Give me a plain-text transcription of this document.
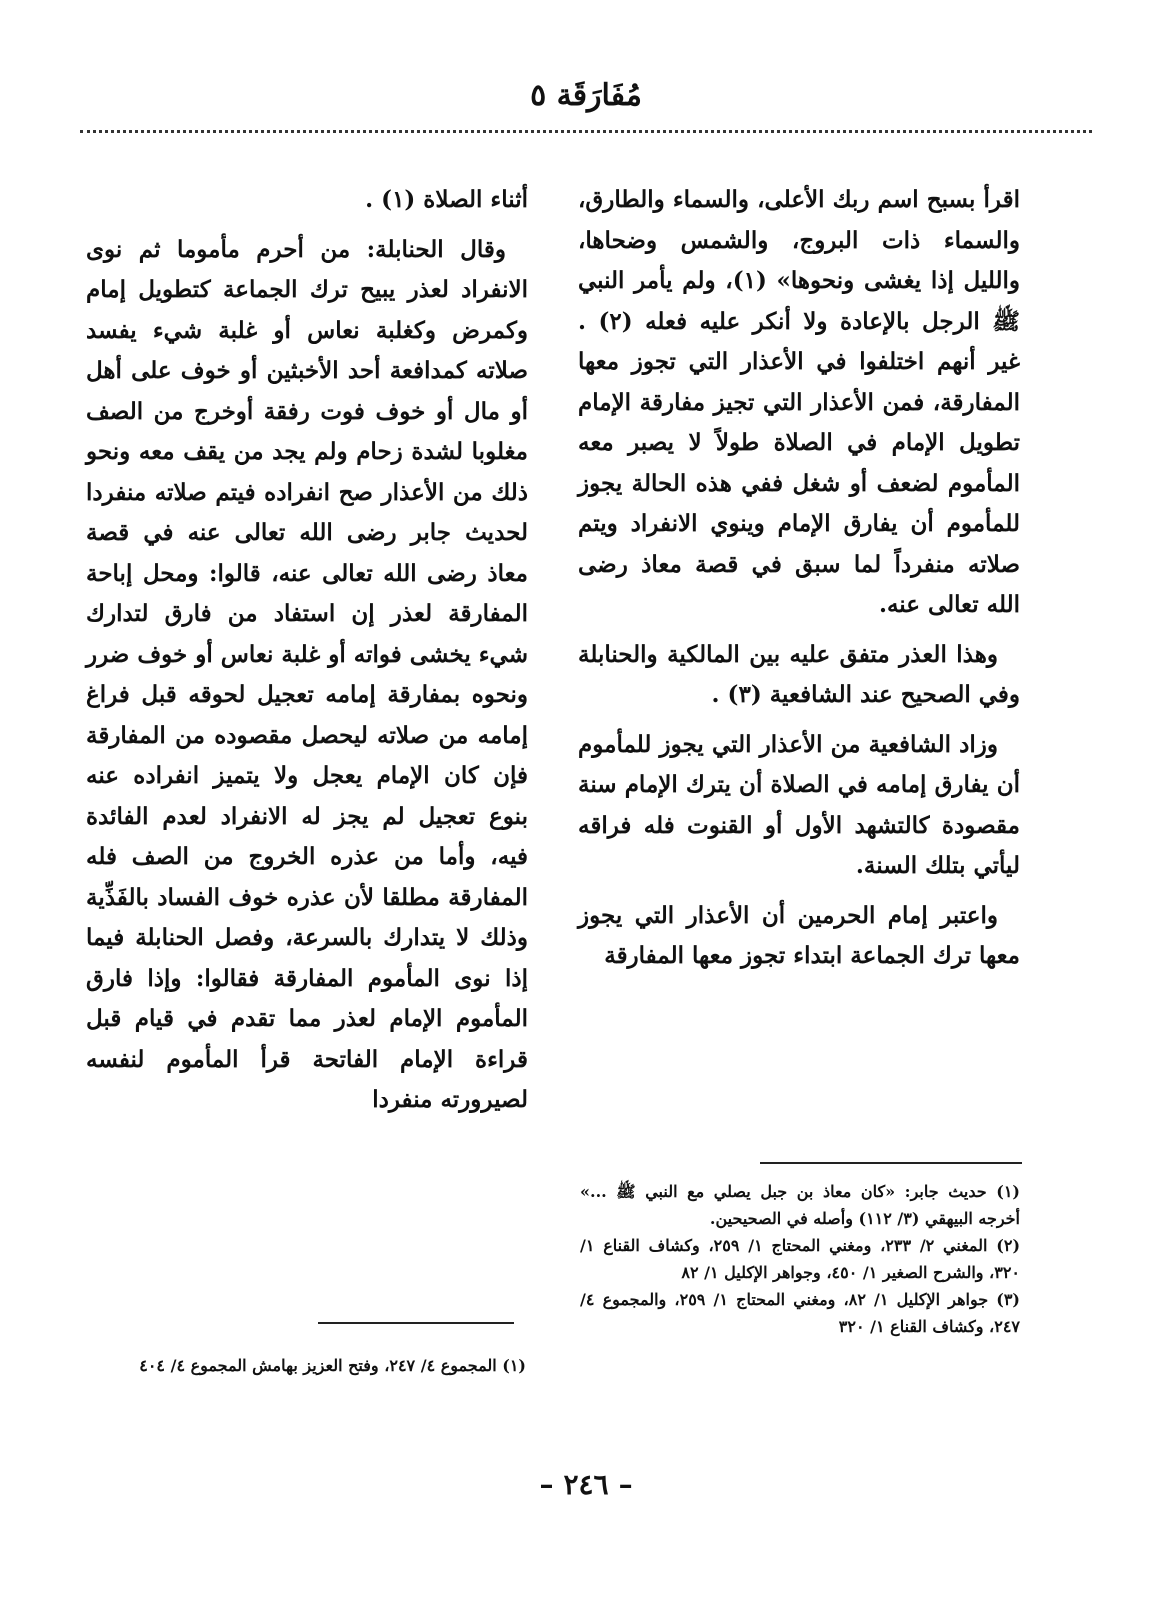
مُفَارَقَة ٥

اقرأ بسبح اسم ربك الأعلى، والسماء والطارق، والسماء ذات البروج، والشمس وضحاها، والليل إذا يغشى ونحوها» (١)، ولم يأمر النبي ﷺ الرجل بالإعادة ولا أنكر عليه فعله (٢) . غير أنهم اختلفوا في الأعذار التي تجوز معها المفارقة، فمن الأعذار التي تجيز مفارقة الإمام تطويل الإمام في الصلاة طولاً لا يصبر معه المأموم لضعف أو شغل ففي هذه الحالة يجوز للمأموم أن يفارق الإمام وينوي الانفراد ويتم صلاته منفرداً لما سبق في قصة معاذ رضى الله تعالى عنه.

وهذا العذر متفق عليه بين المالكية والحنابلة وفي الصحيح عند الشافعية (٣) .

وزاد الشافعية من الأعذار التي يجوز للمأموم أن يفارق إمامه في الصلاة أن يترك الإمام سنة مقصودة كالتشهد الأول أو القنوت فله فراقه ليأتي بتلك السنة.

واعتبر إمام الحرمين أن الأعذار التي يجوز معها ترك الجماعة ابتداء تجوز معها المفارقة

أثناء الصلاة (١) .

وقال الحنابلة: من أحرم مأموما ثم نوى الانفراد لعذر يبيح ترك الجماعة كتطويل إمام وكمرض وكغلبة نعاس أو غلبة شيء يفسد صلاته كمدافعة أحد الأخبثين أو خوف على أهل أو مال أو خوف فوت رفقة أوخرج من الصف مغلوبا لشدة زحام ولم يجد من يقف معه ونحو ذلك من الأعذار صح انفراده فيتم صلاته منفردا لحديث جابر رضى الله تعالى عنه في قصة معاذ رضى الله تعالى عنه، قالوا: ومحل إباحة المفارقة لعذر إن استفاد من فارق لتدارك شيء يخشى فواته أو غلبة نعاس أو خوف ضرر ونحوه بمفارقة إمامه تعجيل لحوقه قبل فراغ إمامه من صلاته ليحصل مقصوده من المفارقة فإن كان الإمام يعجل ولا يتميز انفراده عنه بنوع تعجيل لم يجز له الانفراد لعدم الفائدة فيه، وأما من عذره الخروج من الصف فله المفارقة مطلقا لأن عذره خوف الفساد بالفَذِّية وذلك لا يتدارك بالسرعة، وفصل الحنابلة فيما إذا نوى المأموم المفارقة فقالوا: وإذا فارق المأموم الإمام لعذر مما تقدم في قيام قبل قراءة الإمام الفاتحة قرأ المأموم لنفسه لصيرورته منفردا

(١) حديث جابر: «كان معاذ بن جبل يصلي مع النبي ﷺ ...» أخرجه البيهقي (٣/ ١١٢) وأصله في الصحيحين.

(٢) المغني ٢/ ٢٣٣، ومغني المحتاج ١/ ٢٥٩، وكشاف القناع ١/ ٣٢٠، والشرح الصغير ١/ ٤٥٠، وجواهر الإكليل ١/ ٨٢

(٣) جواهر الإكليل ١/ ٨٢، ومغني المحتاج ١/ ٢٥٩، والمجموع ٤/ ٢٤٧، وكشاف القناع ١/ ٣٢٠

(١) المجموع ٤/ ٢٤٧، وفتح العزيز بهامش المجموع ٤/ ٤٠٤

– ٢٤٦ –
